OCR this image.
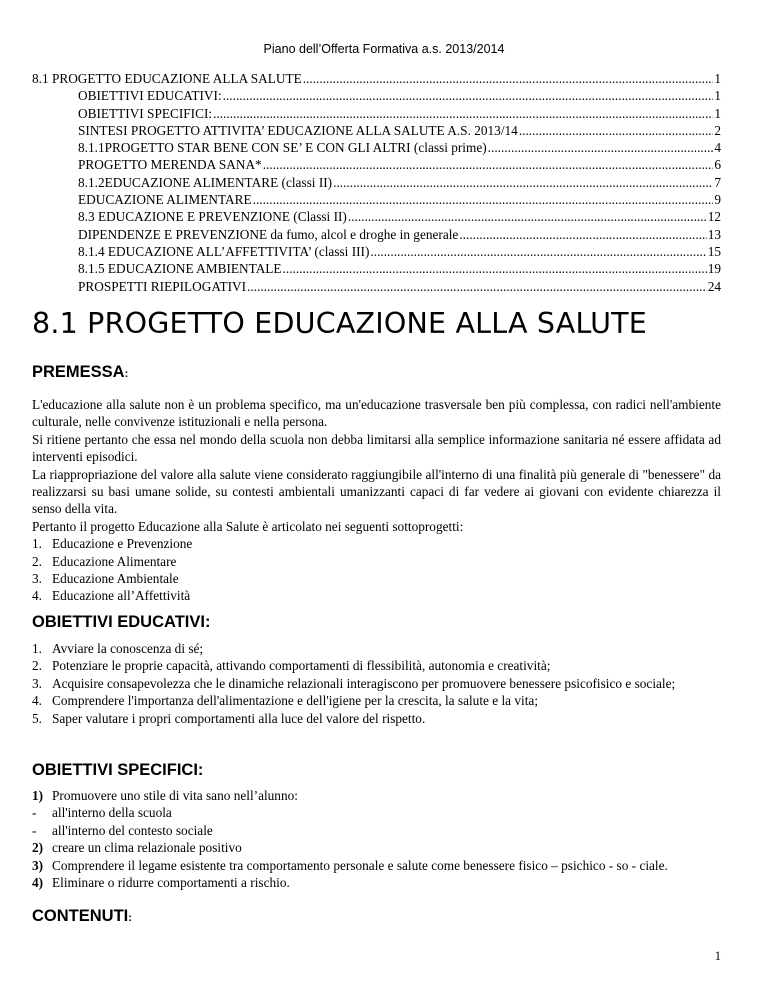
Piano dell’Offerta Formativa a.s. 2013/2014
8.1 PROGETTO EDUCAZIONE ALLA SALUTE .....	1
OBIETTIVI EDUCATIVI: .....	1
OBIETTIVI SPECIFICI: .....	1
SINTESI PROGETTO ATTIVITA’ EDUCAZIONE ALLA SALUTE A.S. 2013/14 .....	2
8.1.1PROGETTO STAR BENE CON SE’ E CON GLI ALTRI (classi prime) .....	4
PROGETTO MERENDA SANA* .....	6
8.1.2EDUCAZIONE ALIMENTARE (classi II) .....	7
EDUCAZIONE ALIMENTARE .....	9
8.3 EDUCAZIONE E PREVENZIONE (Classi II) .....	12
DIPENDENZE E PREVENZIONE da fumo, alcol e droghe in generale .....	13
8.1.4 EDUCAZIONE ALL’AFFETTIVITA’ (classi III) .....	15
8.1.5 EDUCAZIONE AMBIENTALE .....	19
PROSPETTI RIEPILOGATIVI .....	24
8.1 PROGETTO EDUCAZIONE ALLA SALUTE
PREMESSA:

L'educazione alla salute non è un problema specifico, ma un'educazione trasversale ben più complessa, con radici nell'ambiente culturale, nelle convivenze istituzionali e nella persona.

Si ritiene pertanto che essa nel mondo della scuola non debba limitarsi alla semplice informazione sanitaria né essere affidata ad interventi episodici.

La riappropriazione del valore alla salute viene considerato raggiungibile all'interno di una finalità più generale di "benessere" da realizzarsi su basi umane solide, su contesti ambientali umanizzanti capaci di far vedere ai giovani con evidente chiarezza il senso della vita.

Pertanto il progetto Educazione alla Salute è articolato nei seguenti sottoprogetti:

1. Educazione e Prevenzione
2. Educazione Alimentare
3. Educazione Ambientale
4. Educazione all’Affettività
OBIETTIVI EDUCATIVI:
1. Avviare la conoscenza di sé;
2. Potenziare le proprie capacità, attivando comportamenti di flessibilità, autonomia e creatività;
3. Acquisire consapevolezza che le dinamiche relazionali interagiscono per promuovere benessere psicofisico e sociale;
4. Comprendere l'importanza dell'alimentazione e dell'igiene per la crescita, la salute e la vita;
5. Saper valutare i propri comportamenti alla luce del valore del rispetto.
OBIETTIVI SPECIFICI:
1) Promuovere uno stile di vita sano nell’alunno:
-	all'interno della scuola
-	all'interno del contesto sociale
2) creare un clima relazionale positivo
3) Comprendere il legame esistente tra comportamento personale e salute come benessere fisico – psichico - so - ciale.
4) Eliminare o ridurre comportamenti a rischio.
CONTENUTI:
1
